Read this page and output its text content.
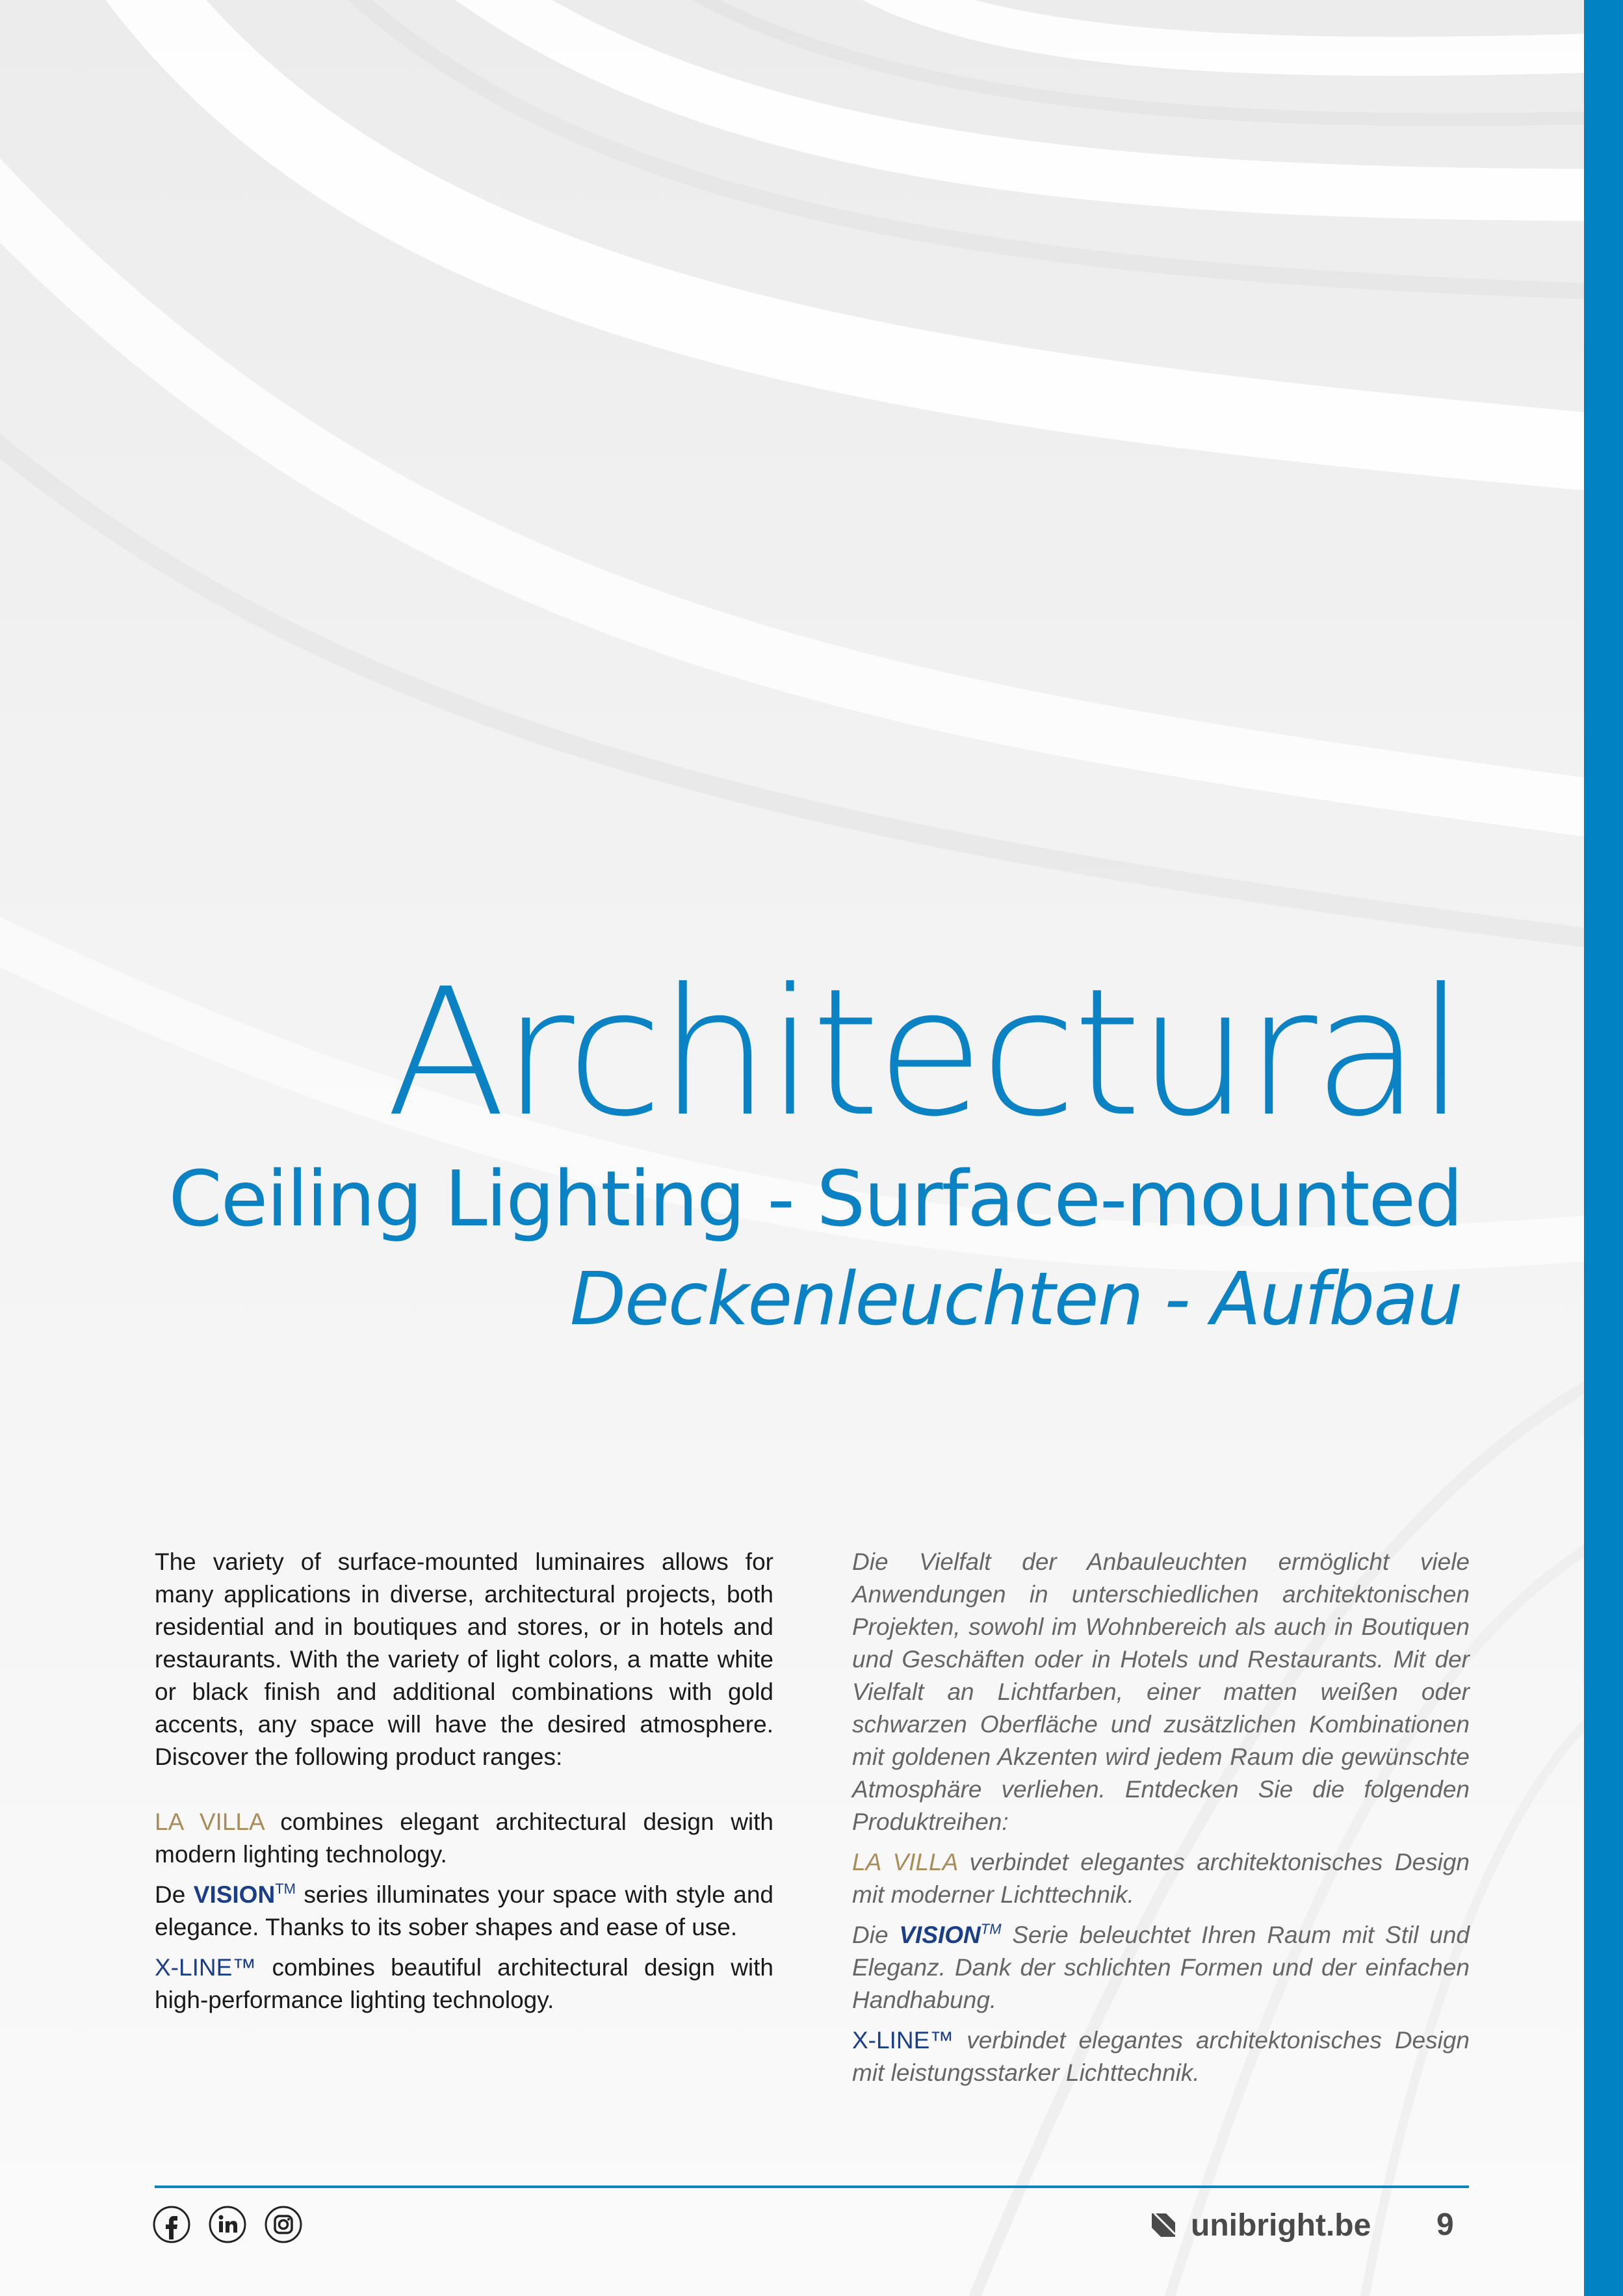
Architectural
Ceiling Lighting - Surface-mounted
Deckenleuchten - Aufbau

The variety of surface-mounted luminaires allows for many applications in diverse, architectural projects, both residential and in boutiques and stores, or in hotels and restaurants. With the variety of light colors, a matte white or black finish and additional combinations with gold accents, any space will have the desired atmosphere. Discover the following product ranges:

LA VILLA combines elegant architectural design with modern lighting technology.

De VISION™ series illuminates your space with style and elegance. Thanks to its sober shapes and ease of use.

X-LINE™ combines beautiful architectural design with high-performance lighting technology.

Die Vielfalt der Anbauleuchten ermöglicht viele Anwendungen in unterschiedlichen architektonischen Projekten, sowohl im Wohnbereich als auch in Boutiquen und Geschäften oder in Hotels und Restaurants. Mit der Vielfalt an Lichtfarben, einer matten weißen oder schwarzen Oberfläche und zusätzlichen Kombinationen mit goldenen Akzenten wird jedem Raum die gewünschte Atmosphäre verliehen. Entdecken Sie die folgenden Produktreihen:

LA VILLA verbindet elegantes architektonisches Design mit moderner Lichttechnik.

Die VISION™ Serie beleuchtet Ihren Raum mit Stil und Eleganz. Dank der schlichten Formen und der einfachen Handhabung.

X-LINE™ verbindet elegantes architektonisches Design mit leistungsstarker Lichttechnik.

unibright.be 9
